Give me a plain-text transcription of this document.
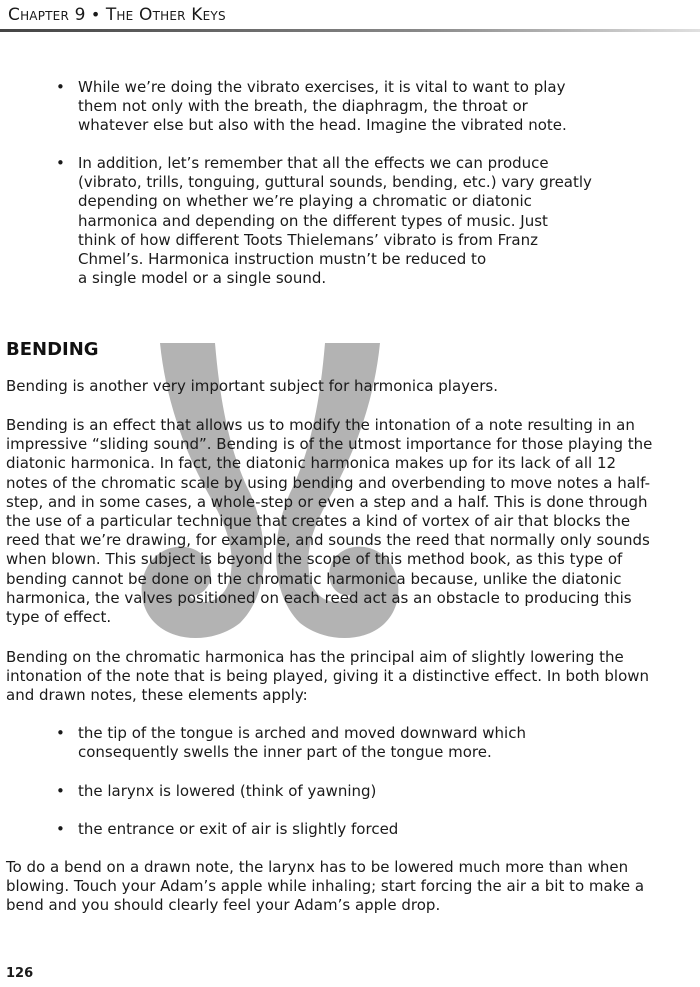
Chapter 9 • The Other Keys
• While we’re doing the vibrato exercises, it is vital to want to play
them not only with the breath, the diaphragm, the throat or
whatever else but also with the head. Imagine the vibrated note.
• In addition, let’s remember that all the effects we can produce
(vibrato, trills, tonguing, guttural sounds, bending, etc.) vary greatly
depending on whether we’re playing a chromatic or diatonic
harmonica and depending on the different types of music. Just
think of how different Toots Thielemans’ vibrato is from Franz
Chmel’s. Harmonica instruction mustn’t be reduced to
a single model or a single sound.
BENDING
Bending is another very important subject for harmonica players.
Bending is an effect that allows us to modify the intonation of a note resulting in an
impressive “sliding sound”. Bending is of the utmost importance for those playing the
diatonic harmonica. In fact, the diatonic harmonica makes up for its lack of all 12
notes of the chromatic scale by using bending and overbending to move notes a half-
step, and in some cases, a whole-step or even a step and a half. This is done through
the use of a particular technique that creates a kind of vortex of air that blocks the
reed that we’re drawing, for example, and sounds the reed that normally only sounds
when blown. This subject is beyond the scope of this method book, as this type of
bending cannot be done on the chromatic harmonica because, unlike the diatonic
harmonica, the valves positioned on each reed act as an obstacle to producing this
type of effect.
Bending on the chromatic harmonica has the principal aim of slightly lowering the
intonation of the note that is being played, giving it a distinctive effect. In both blown
and drawn notes, these elements apply:
• the tip of the tongue is arched and moved downward which
consequently swells the inner part of the tongue more.
• the larynx is lowered (think of yawning)
• the entrance or exit of air is slightly forced
To do a bend on a drawn note, the larynx has to be lowered much more than when
blowing. Touch your Adam’s apple while inhaling; start forcing the air a bit to make a
bend and you should clearly feel your Adam’s apple drop.
126
